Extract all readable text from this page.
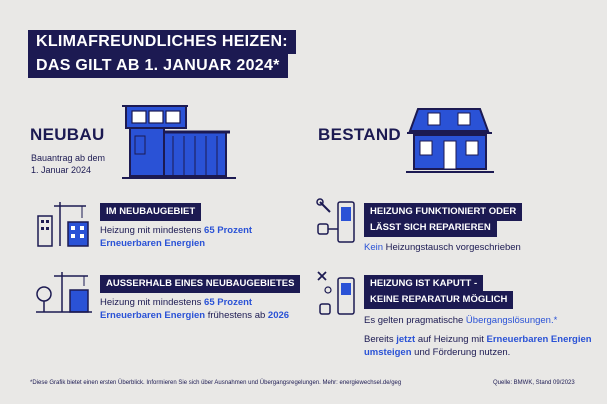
KLIMAFREUNDLICHES HEIZEN:
DAS GILT AB 1. JANUAR 2024*
NEUBAU
Bauantrag ab dem
1. Januar 2024
IM NEUBAUGEBIET
Heizung mit mindestens 65 Prozent
Erneuerbaren Energien
AUSSERHALB EINES NEUBAUGEBIETES
Heizung mit mindestens 65 Prozent
Erneuerbaren Energien frühestens ab 2026
BESTAND
HEIZUNG FUNKTIONIERT ODER
LÄSST SICH REPARIEREN
Kein Heizungstausch vorgeschrieben
HEIZUNG IST KAPUTT -
KEINE REPARATUR MÖGLICH
Es gelten pragmatische Übergangslösungen.*
Bereits jetzt auf Heizung mit Erneuerbaren Energien
umsteigen und Förderung nutzen.
*Diese Grafik bietet einen ersten Überblick. Informieren Sie sich über Ausnahmen und Übergangsregelungen. Mehr: energiewechsel.de/geg	Quelle: BMWK, Stand 09/2023
